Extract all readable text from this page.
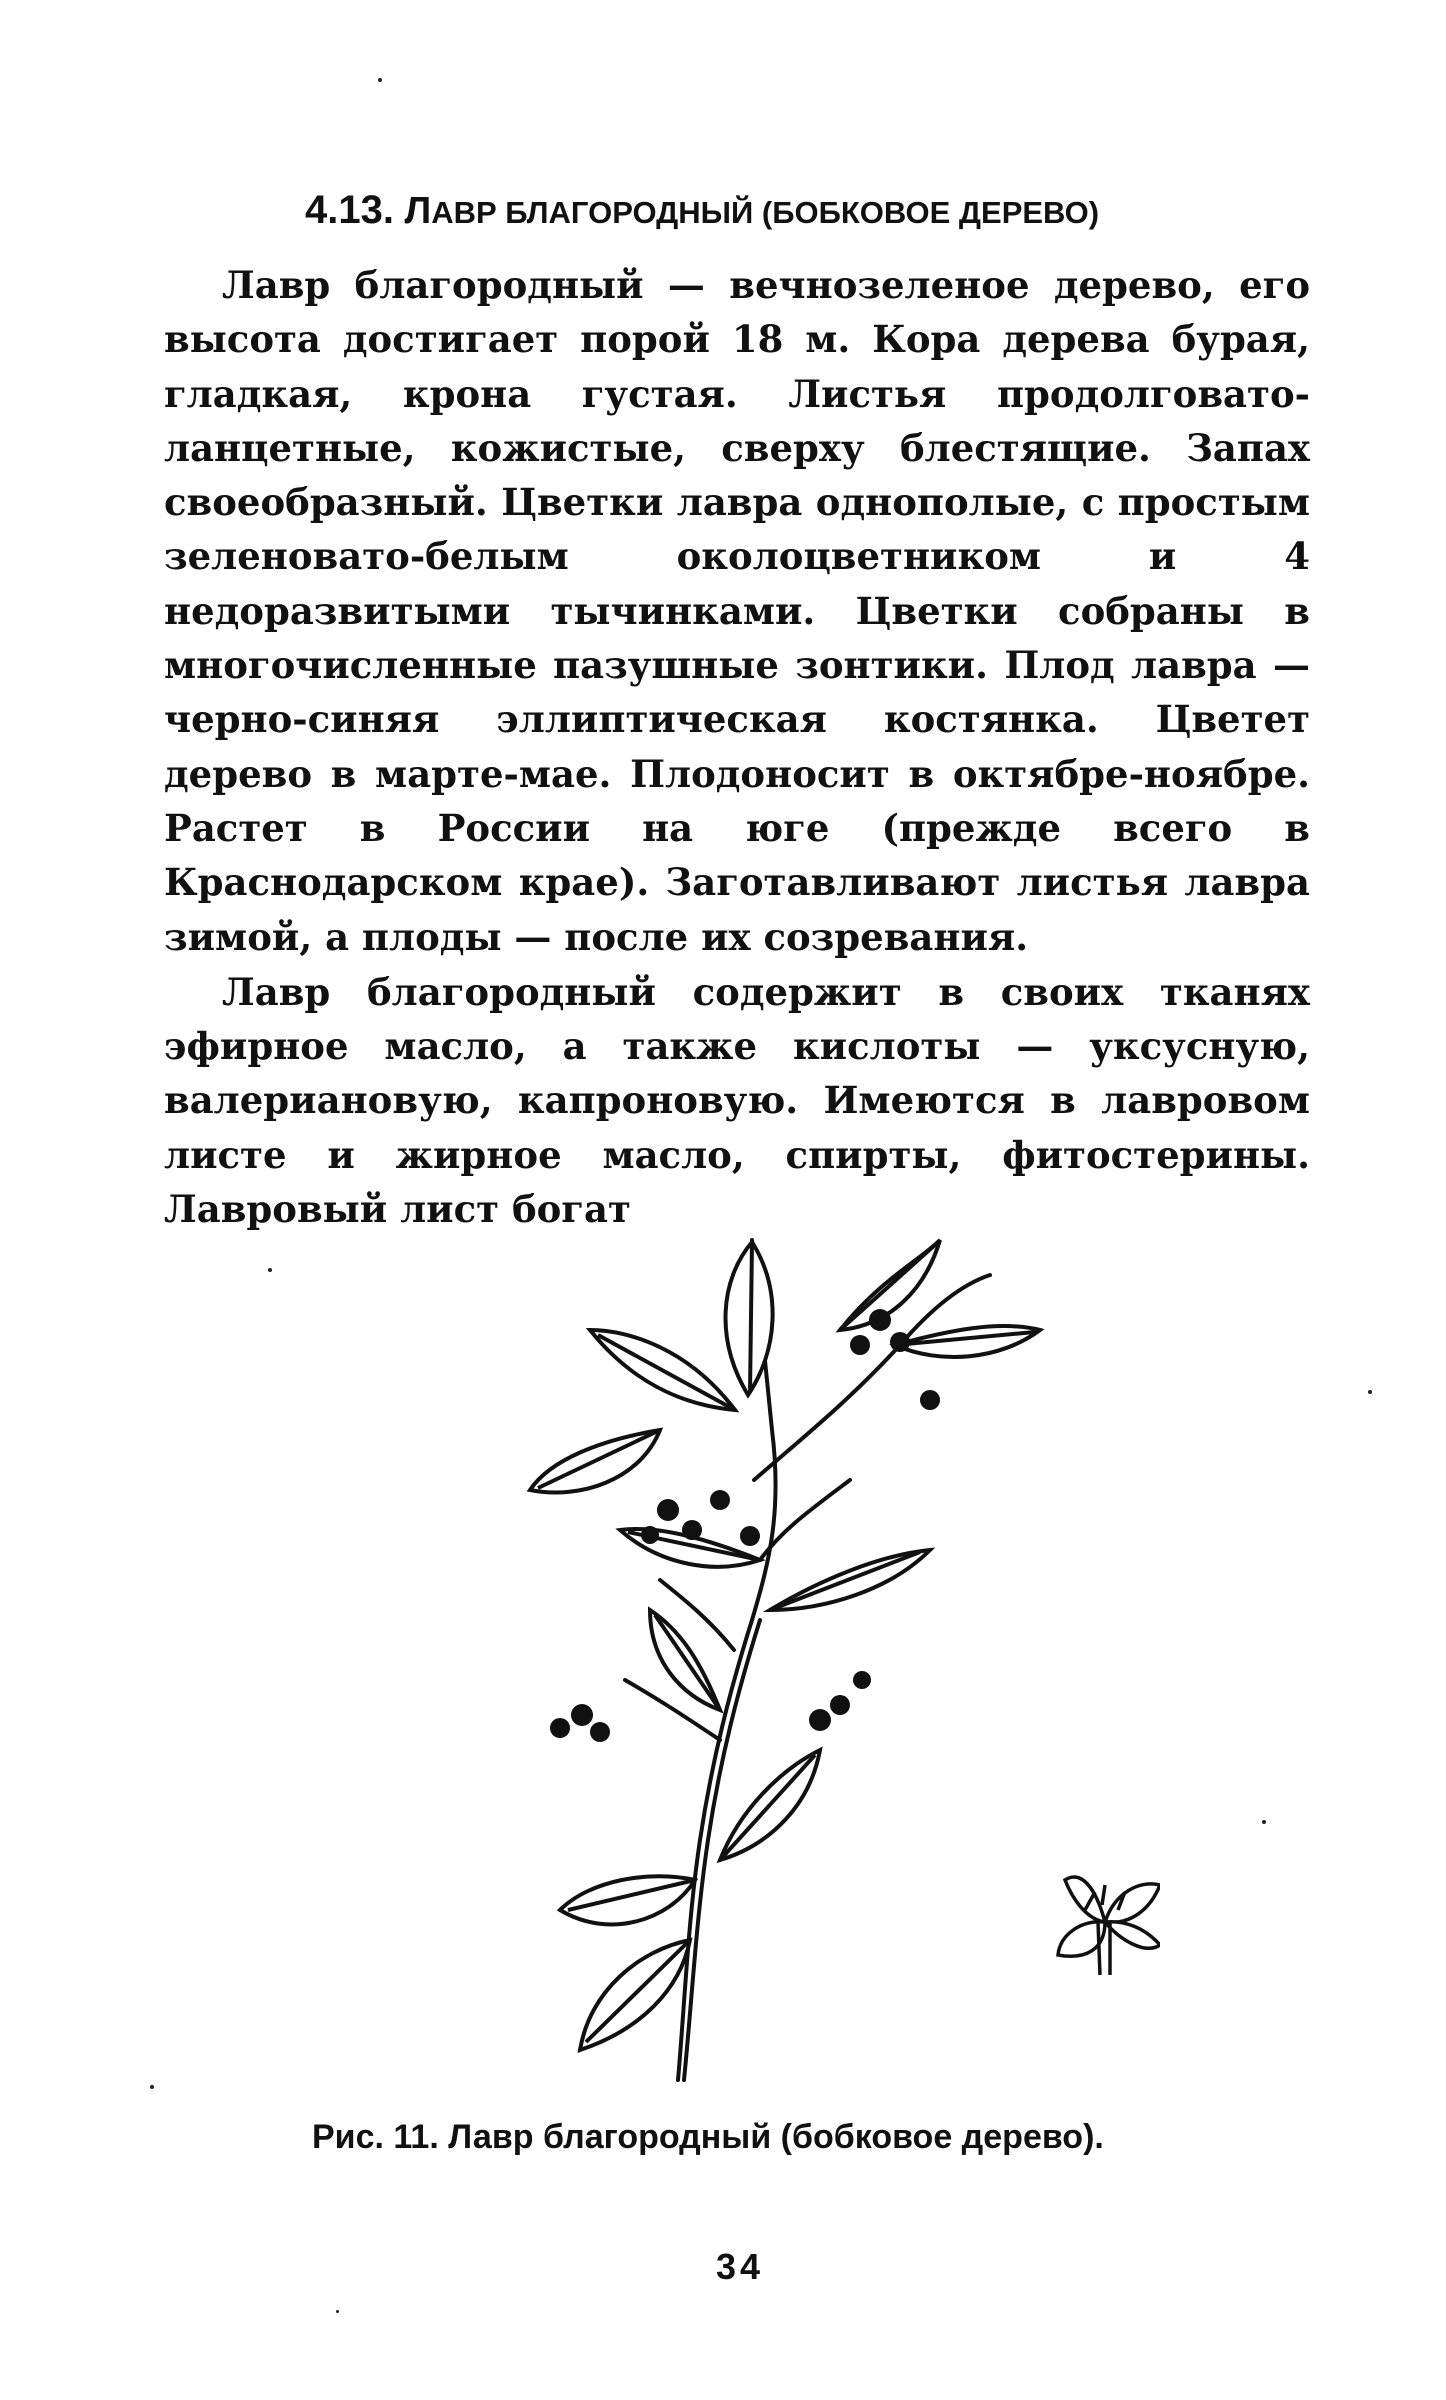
4.13. ЛАВР БЛАГОРОДНЫЙ (БОБКОВОЕ ДЕРЕВО)

Лавр благородный — вечнозеленое дерево, его высота достигает порой 18 м. Кора дерева бурая, гладкая, крона густая. Листья продолговато-ланцетные, кожистые, сверху блестящие. Запах своеобразный. Цветки лавра однополые, с простым зеленовато-белым околоцветником и 4 недоразвитыми тычинками. Цветки собраны в многочисленные пазушные зонтики. Плод лавра — черно-синяя эллиптическая костянка. Цветет дерево в марте-мае. Плодоносит в октябре-ноябре. Растет в России на юге (прежде всего в Краснодарском крае). Заготавливают листья лавра зимой, а плоды — после их созревания.

Лавр благородный содержит в своих тканях эфирное масло, а также кислоты — уксусную, валериановую, капроновую. Имеются в лавровом листе и жирное масло, спирты, фитостерины. Лавровый лист богат

Рис. 11. Лавр благородный (бобковое дерево).
34
